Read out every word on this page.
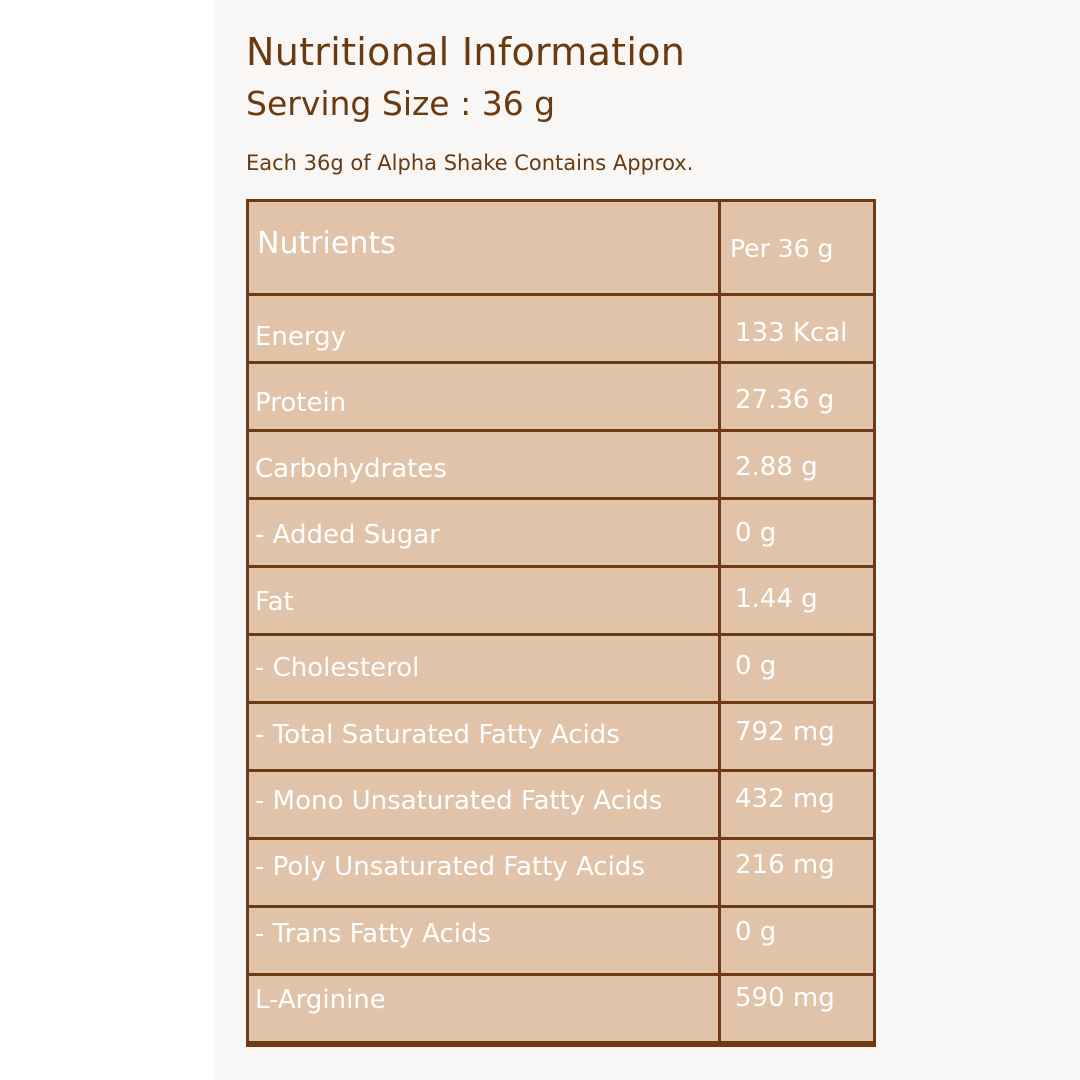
Nutritional Information
Serving Size : 36 g
Each 36g of Alpha Shake Contains Approx.
Nutrients	Per 36 g
Energy	133 Kcal
Protein	27.36 g
Carbohydrates	2.88 g
- Added Sugar	0 g
Fat	1.44 g
- Cholesterol	0 g
- Total Saturated Fatty Acids	792 mg
- Mono Unsaturated Fatty Acids	432 mg
- Poly Unsaturated Fatty Acids	216 mg
- Trans Fatty Acids	0 g
L-Arginine	590 mg
